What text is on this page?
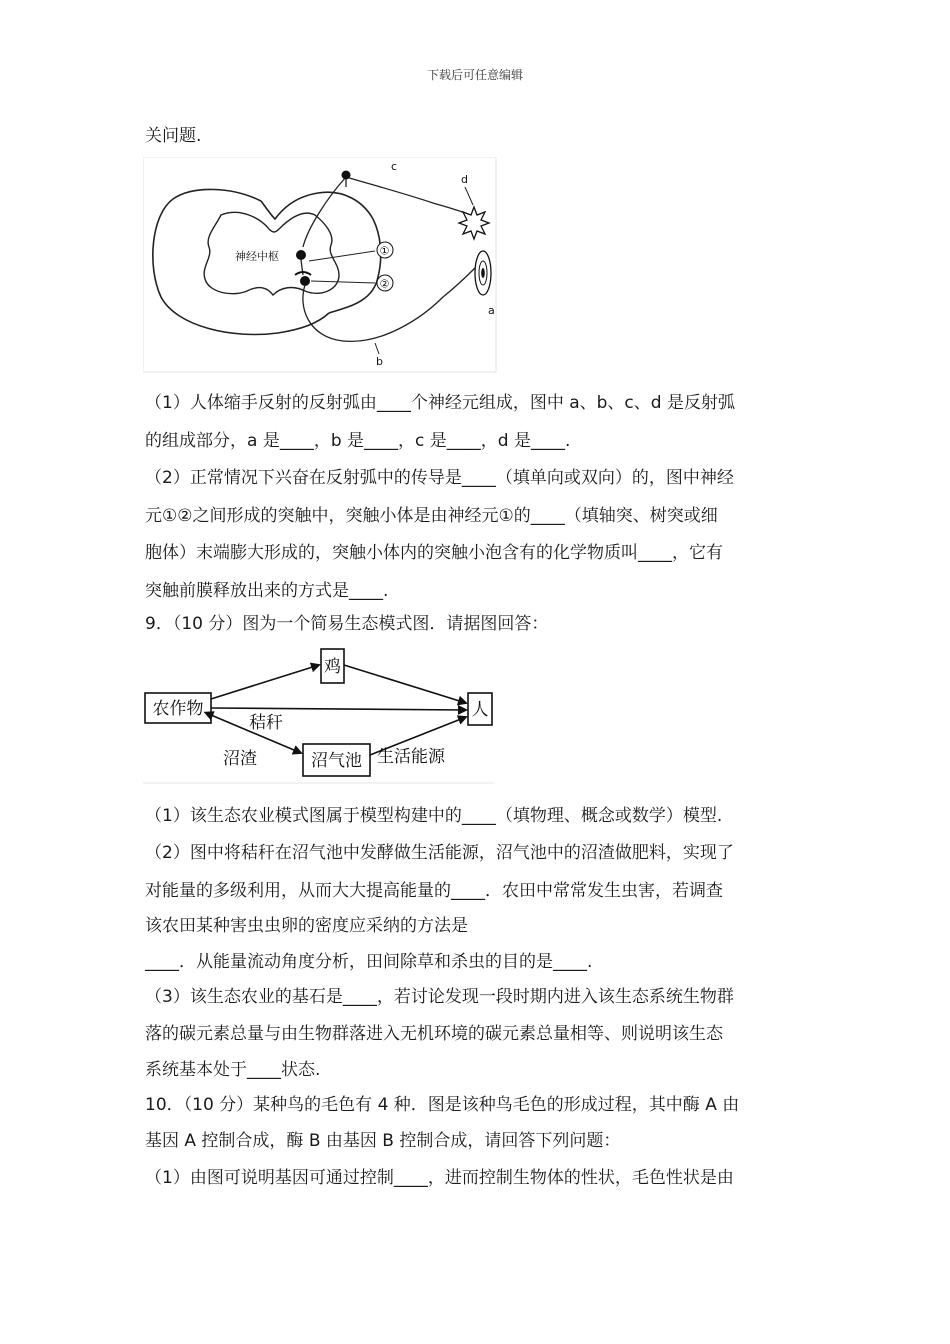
下载后可任意编辑
关问题.
神经中枢
c
d
①
②
b
a
（1）人体缩手反射的反射弧由____个神经元组成，图中 a、b、c、d 是反射弧
的组成部分，a 是____，b 是____，c 是____，d 是____.
（2）正常情况下兴奋在反射弧中的传导是____（填单向或双向）的，图中神经
元①②之间形成的突触中，突触小体是由神经元①的____（填轴突、树突或细
胞体）末端膨大形成的，突触小体内的突触小泡含有的化学物质叫____，它有
突触前膜释放出来的方式是____.
9．（10 分）图为一个简易生态模式图．请据图回答：
农作物
鸡
人
沼气池
秸秆
沼渣	生活能源
（1）该生态农业模式图属于模型构建中的____（填物理、概念或数学）模型.
（2）图中将秸秆在沼气池中发酵做生活能源，沼气池中的沼渣做肥料，实现了
对能量的多级利用，从而大大提高能量的____．农田中常常发生虫害，若调查
该农田某种害虫虫卵的密度应采纳的方法是
____．从能量流动角度分析，田间除草和杀虫的目的是____.
（3）该生态农业的基石是____，若讨论发现一段时期内进入该生态系统生物群
落的碳元素总量与由生物群落进入无机环境的碳元素总量相等、则说明该生态
系统基本处于____状态.
10．（10 分）某种鸟的毛色有 4 种．图是该种鸟毛色的形成过程，其中酶 A 由
基因 A 控制合成，酶 B 由基因 B 控制合成，请回答下列问题：
（1）由图可说明基因可通过控制____，进而控制生物体的性状，毛色性状是由
